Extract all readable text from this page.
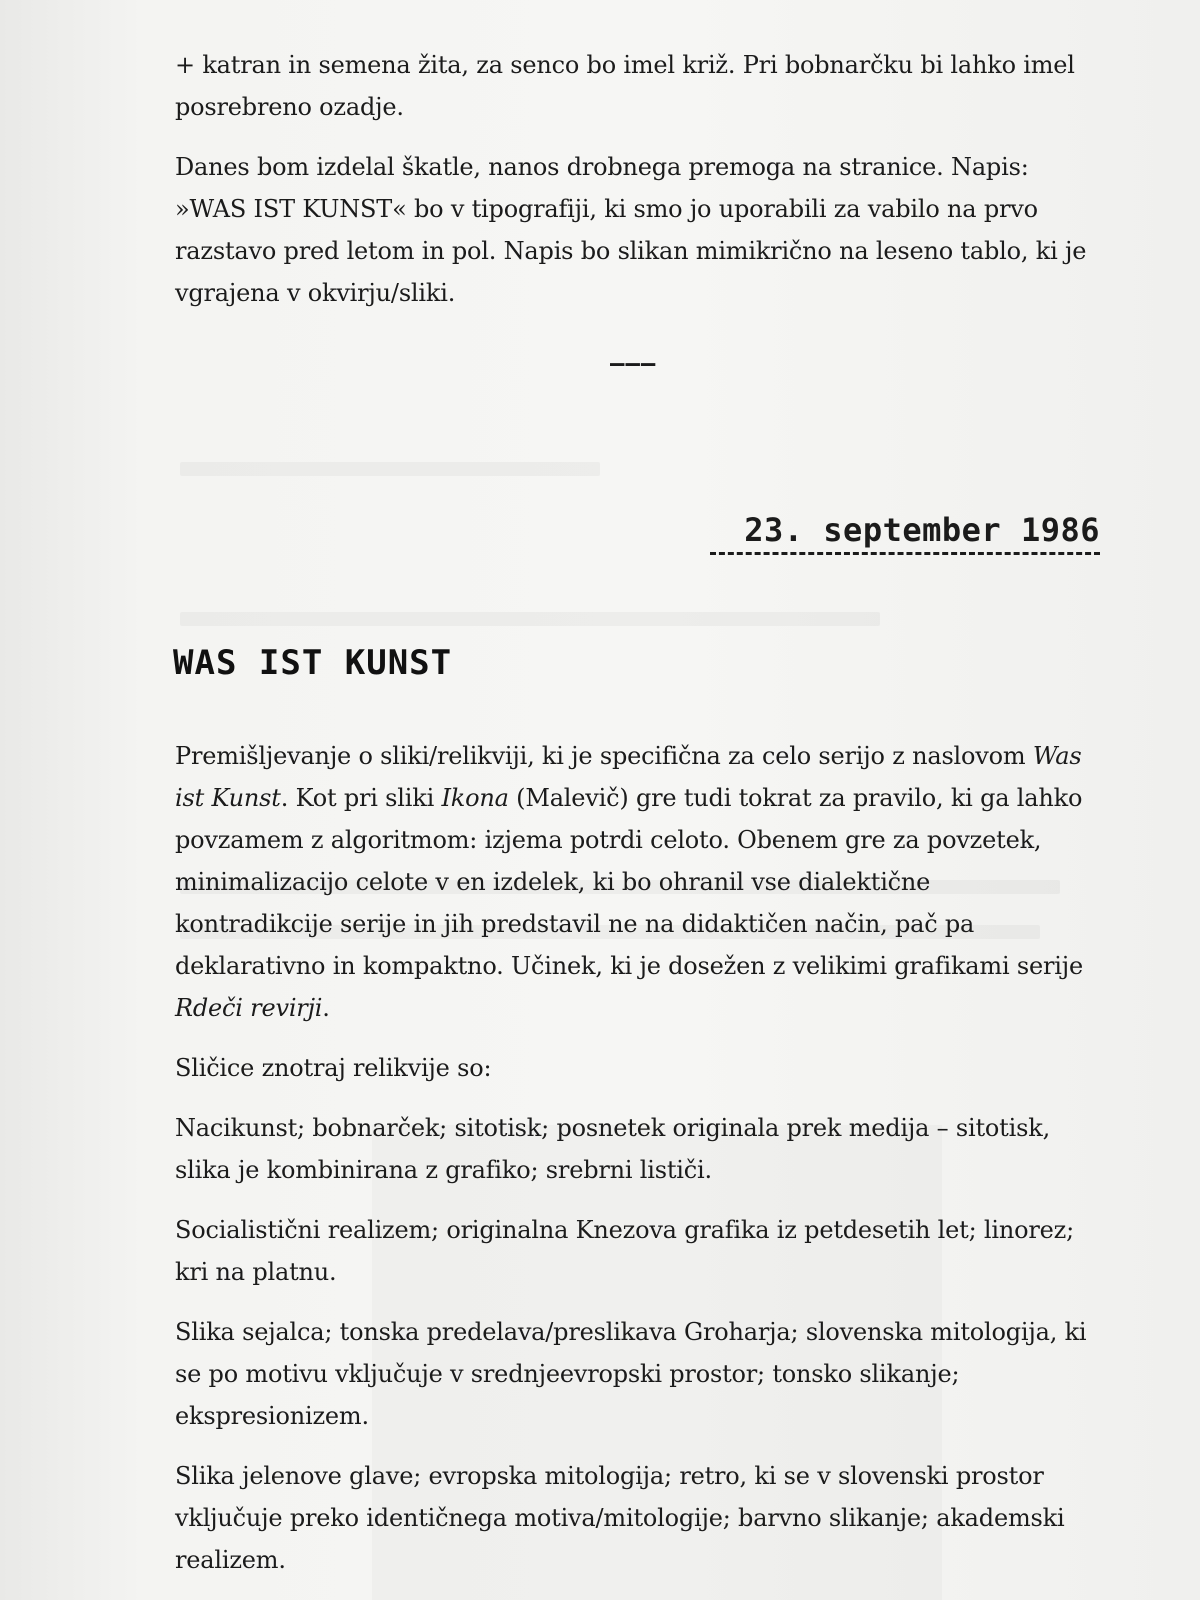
+ katran in semena žita, za senco bo imel križ. Pri bobnarčku bi lahko imel posrebreno ozadje.

Danes bom izdelal škatle, nanos drobnega premoga na stranice. Napis: »WAS IST KUNST« bo v tipografiji, ki smo jo uporabili za vabilo na prvo razstavo pred letom in pol. Napis bo slikan mimikrično na leseno tablo, ki je vgrajena v okvirju/sliki.

———
23. september 1986
WAS IST KUNST

Premišljevanje o sliki/relikviji, ki je specifična za celo serijo z naslovom Was ist Kunst. Kot pri sliki Ikona (Malevič) gre tudi tokrat za pravilo, ki ga lahko povzamem z algoritmom: izjema potrdi celoto. Obenem gre za povzetek, minimalizacijo celote v en izdelek, ki bo ohranil vse dialektične kontradikcije serije in jih predstavil ne na didaktičen način, pač pa deklarativno in kompaktno. Učinek, ki je dosežen z velikimi grafikami serije Rdeči revirji.

Sličice znotraj relikvije so:

Nacikunst; bobnarček; sitotisk; posnetek originala prek medija – sitotisk, slika je kombinirana z grafiko; srebrni lističi.

Socialistični realizem; originalna Knezova grafika iz petdesetih let; linorez; kri na platnu.

Slika sejalca; tonska predelava/preslikava Groharja; slovenska mitologija, ki se po motivu vključuje v srednjeevropski prostor; tonsko slikanje; ekspresionizem.

Slika jelenove glave; evropska mitologija; retro, ki se v slovenski prostor vključuje preko identičnega motiva/mitologije; barvno slikanje; akademski realizem.
